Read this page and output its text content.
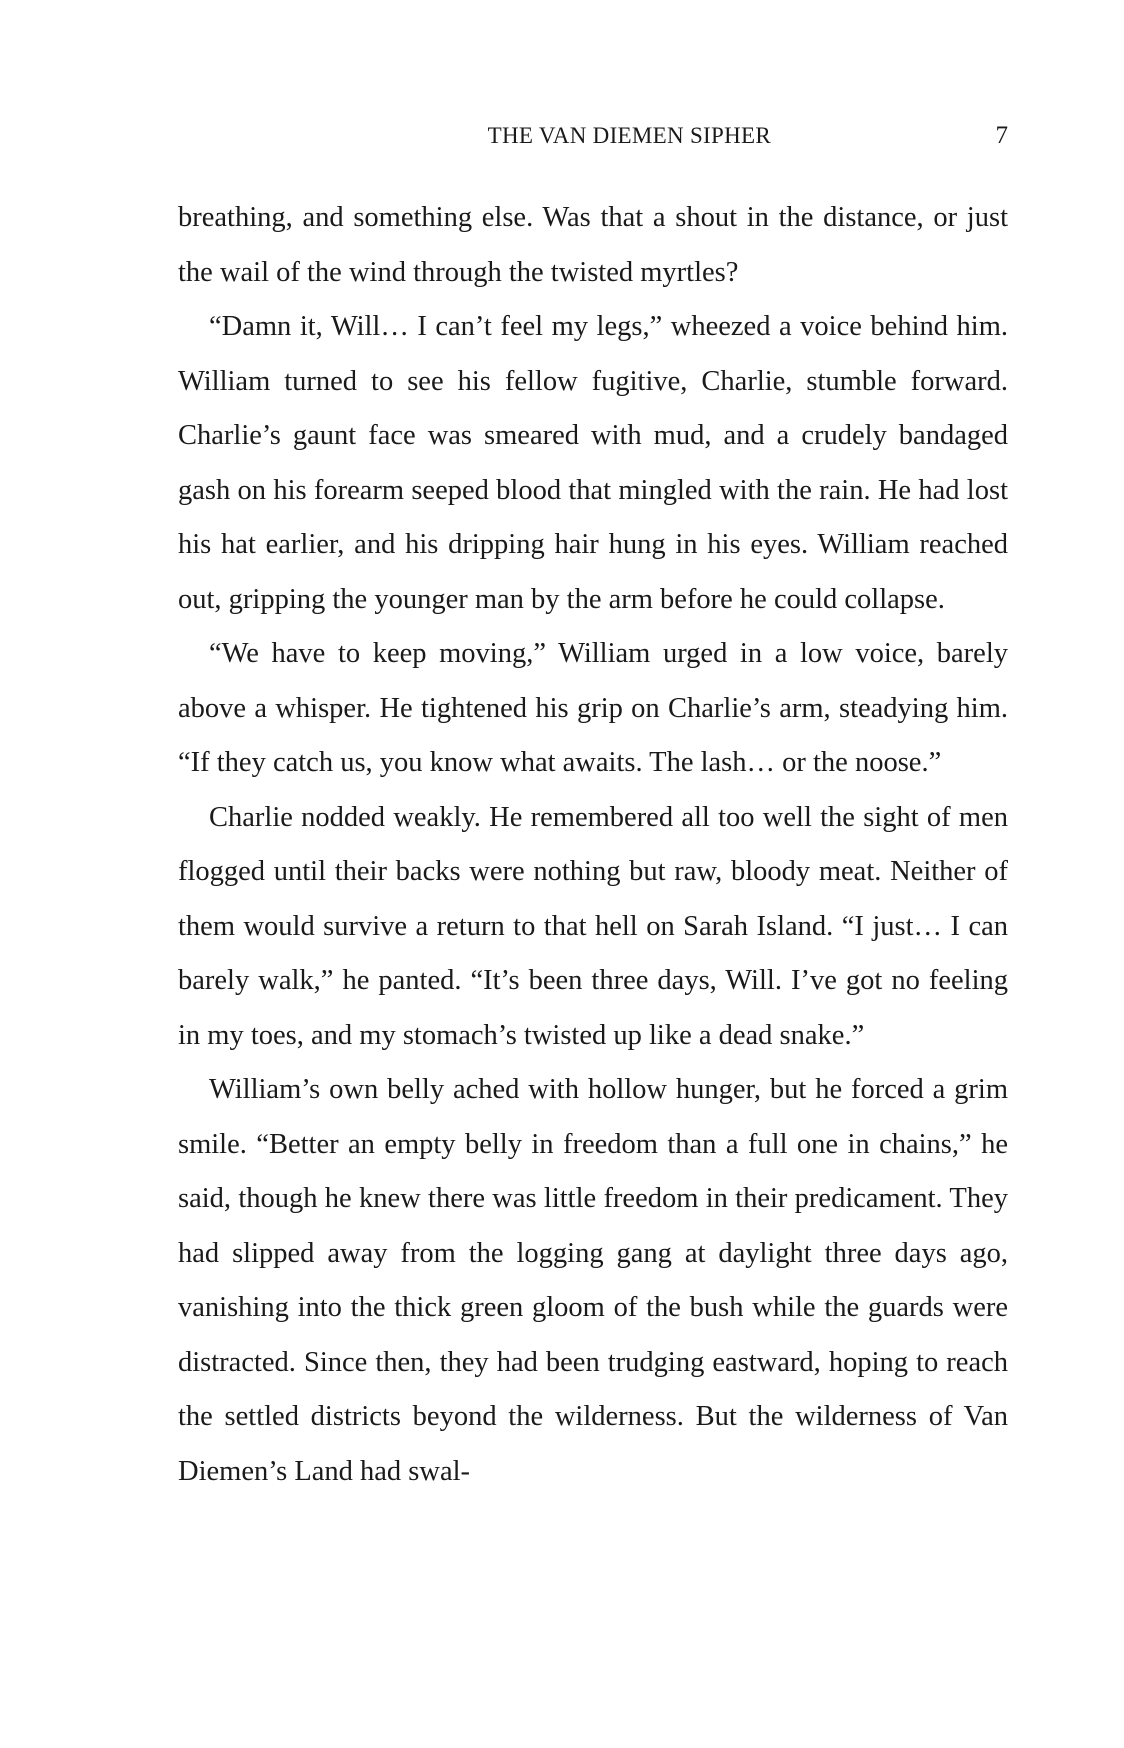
THE VAN DIEMEN SIPHER	7

breathing, and something else. Was that a shout in the distance, or just the wail of the wind through the twisted myrtles?

“Damn it, Will… I can’t feel my legs,” wheezed a voice behind him. William turned to see his fellow fugitive, Charlie, stumble forward. Charlie’s gaunt face was smeared with mud, and a crudely bandaged gash on his forearm seeped blood that mingled with the rain. He had lost his hat earlier, and his dripping hair hung in his eyes. William reached out, gripping the younger man by the arm before he could collapse.

“We have to keep moving,” William urged in a low voice, barely above a whisper. He tightened his grip on Charlie’s arm, steadying him. “If they catch us, you know what awaits. The lash… or the noose.”

Charlie nodded weakly. He remembered all too well the sight of men flogged until their backs were nothing but raw, bloody meat. Neither of them would survive a return to that hell on Sarah Island. “I just… I can barely walk,” he panted. “It’s been three days, Will. I’ve got no feeling in my toes, and my stomach’s twisted up like a dead snake.”

William’s own belly ached with hollow hunger, but he forced a grim smile. “Better an empty belly in freedom than a full one in chains,” he said, though he knew there was little freedom in their predicament. They had slipped away from the logging gang at daylight three days ago, vanishing into the thick green gloom of the bush while the guards were distracted. Since then, they had been trudging eastward, hoping to reach the settled districts beyond the wilderness. But the wilderness of Van Diemen’s Land had swal-
